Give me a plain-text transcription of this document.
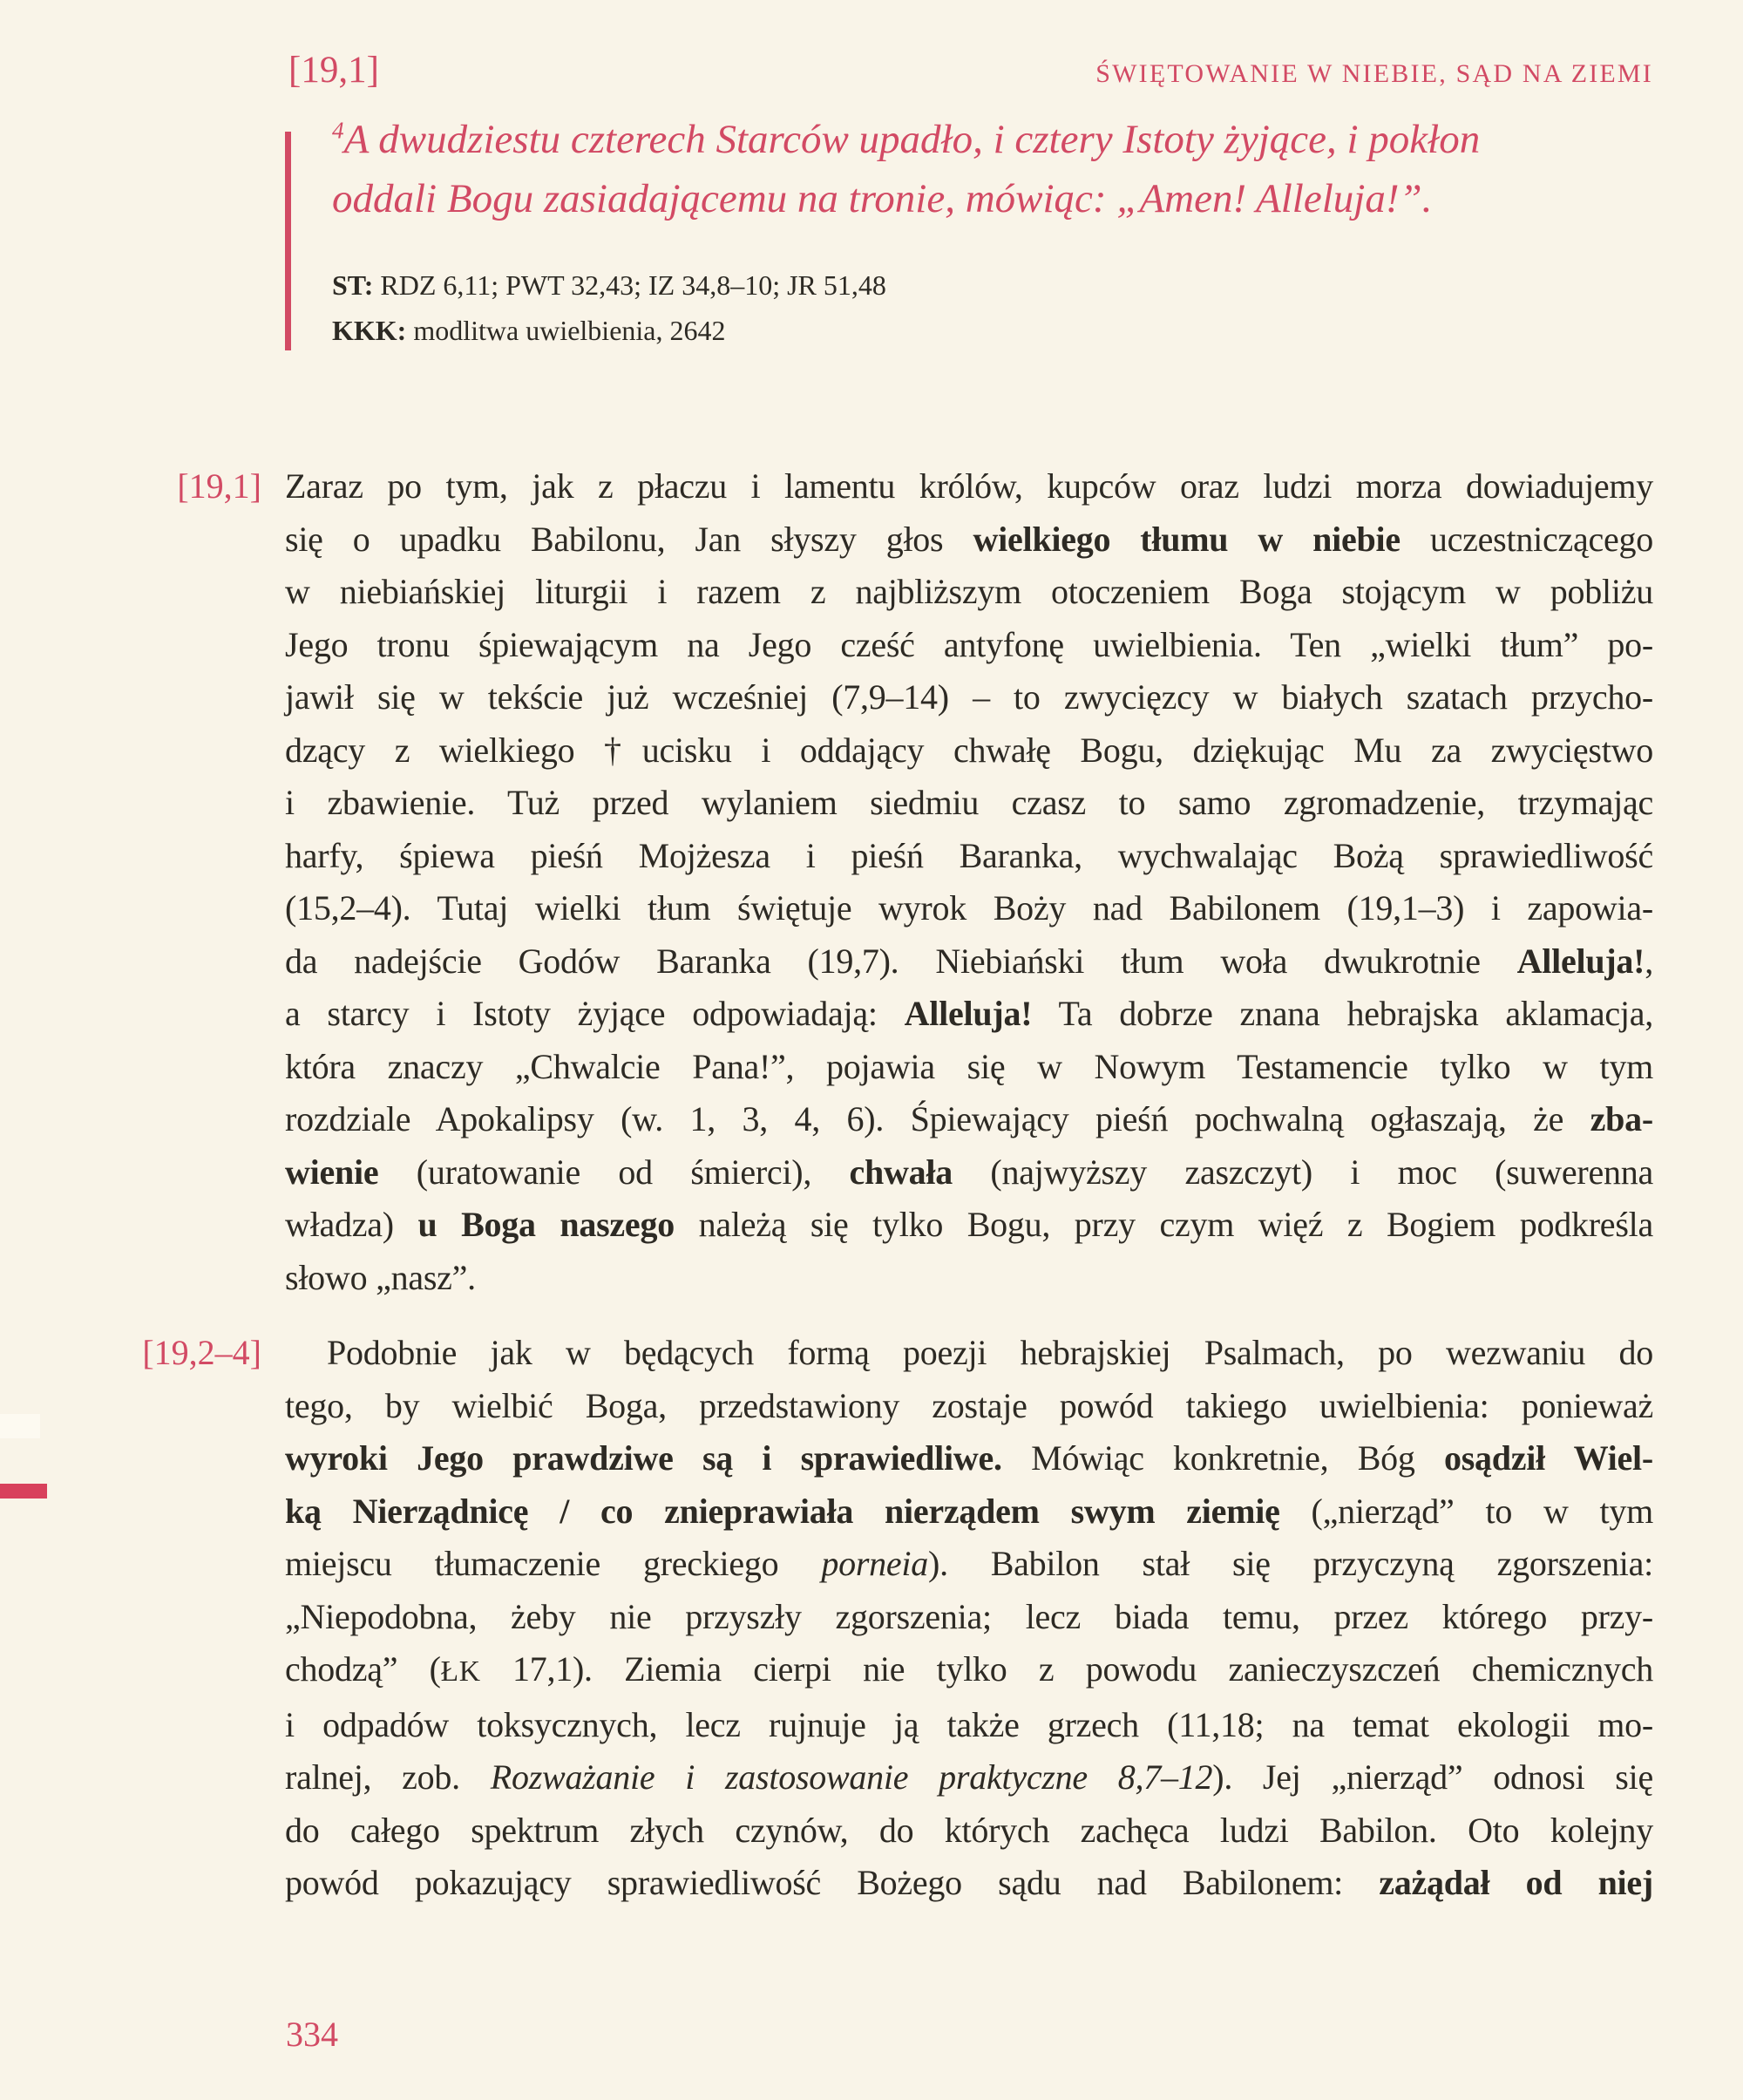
[19,1]	ŚWIĘTOWANIE W NIEBIE, SĄD NA ZIEMI
$^4$A dwudziestu czterech Starców upadło, i cztery Istoty żyjące, i pokłon
oddali Bogu zasiadającemu na tronie, mówiąc: „Amen! Alleluja!”.
ST: RDZ 6,11; PWT 32,43; IZ 34,8–10; JR 51,48
KKK: modlitwa uwielbienia, 2642
[19,1] Zaraz po tym, jak z płaczu i lamentu królów, kupców oraz ludzi morza dowiadujemy
się o upadku Babilonu, Jan słyszy głos wielkiego tłumu w niebie uczestniczącego
w niebiańskiej liturgii i razem z najbliższym otoczeniem Boga stojącym w pobliżu
Jego tronu śpiewającym na Jego cześć antyfonę uwielbienia. Ten „wielki tłum” po-
jawił się w tekście już wcześniej (7,9–14) – to zwycięzcy w białych szatach przycho-
dzący z wielkiego †ucisku i oddający chwałę Bogu, dziękując Mu za zwycięstwo
i zbawienie. Tuż przed wylaniem siedmiu czasz to samo zgromadzenie, trzymając
harfy, śpiewa pieśń Mojżesza i pieśń Baranka, wychwalając Bożą sprawiedliwość
(15,2–4). Tutaj wielki tłum świętuje wyrok Boży nad Babilonem (19,1–3) i zapowia-
da nadejście Godów Baranka (19,7). Niebiański tłum woła dwukrotnie Alleluja!,
a starcy i Istoty żyjące odpowiadają: Alleluja! Ta dobrze znana hebrajska aklamacja,
która znaczy „Chwalcie Pana!”, pojawia się w Nowym Testamencie tylko w tym
rozdziale Apokalipsy (w. 1, 3, 4, 6). Śpiewający pieśń pochwalną ogłaszają, że zba-
wienie (uratowanie od śmierci), chwała (najwyższy zaszczyt) i moc (suwerenna
władza) u Boga naszego należą się tylko Bogu, przy czym więź z Bogiem podkreśla
słowo „nasz”.
[19,2–4]	Podobnie jak w będących formą poezji hebrajskiej Psalmach, po wezwaniu do
tego, by wielbić Boga, przedstawiony zostaje powód takiego uwielbienia: ponieważ
wyroki Jego prawdziwe są i sprawiedliwe. Mówiąc konkretnie, Bóg osądził Wiel-
ką Nierządnicę / co znieprawiała nierządem swym ziemię („nierząd” to w tym
miejscu tłumaczenie greckiego porneia). Babilon stał się przyczyną zgorszenia:
„Niepodobna, żeby nie przyszły zgorszenia; lecz biada temu, przez którego przy-
chodzą” (ŁK 17,1). Ziemia cierpi nie tylko z powodu zanieczyszczeń chemicznych
i odpadów toksycznych, lecz rujnuje ją także grzech (11,18; na temat ekologii mo-
ralnej, zob. Rozważanie i zastosowanie praktyczne 8,7–12). Jej „nierząd” odnosi się
do całego spektrum złych czynów, do których zachęca ludzi Babilon. Oto kolejny
powód pokazujący sprawiedliwość Bożego sądu nad Babilonem: zażądał od niej
334
